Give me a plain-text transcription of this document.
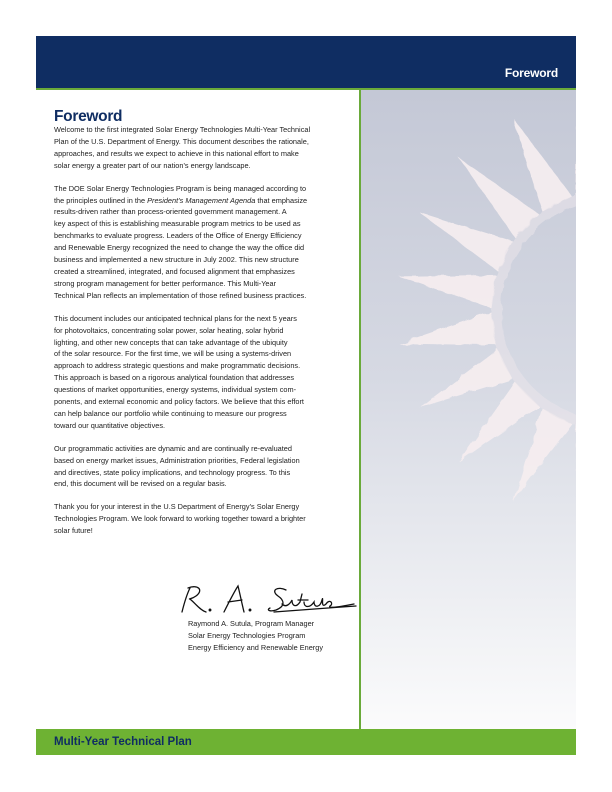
Foreword
Foreword

Welcome to the first integrated Solar Energy Technologies Multi-Year Technical
Plan of the U.S. Department of Energy. This document describes the rationale,
approaches, and results we expect to achieve in this national effort to make
solar energy a greater part of our nation’s energy landscape.

The DOE Solar Energy Technologies Program is being managed according to
the principles outlined in the President’s Management Agenda that emphasize
results-driven rather than process-oriented government management. A
key aspect of this is establishing measurable program metrics to be used as
benchmarks to evaluate progress. Leaders of the Office of Energy Efficiency
and Renewable Energy recognized the need to change the way the office did
business and implemented a new structure in July 2002. This new structure
created a streamlined, integrated, and focused alignment that emphasizes
strong program management for better performance. This Multi-Year
Technical Plan reflects an implementation of those refined business practices.

This document includes our anticipated technical plans for the next 5 years
for photovoltaics, concentrating solar power, solar heating, solar hybrid
lighting, and other new concepts that can take advantage of the ubiquity
of the solar resource. For the first time, we will be using a systems-driven
approach to address strategic questions and make programmatic decisions.
This approach is based on a rigorous analytical foundation that addresses
questions of market opportunities, energy systems, individual system com-
ponents, and external economic and policy factors. We believe that this effort
can help balance our portfolio while continuing to measure our progress
toward our quantitative objectives.

Our programmatic activities are dynamic and are continually re-evaluated
based on energy market issues, Administration priorities, Federal legislation
and directives, state policy implications, and technology progress. To this
end, this document will be revised on a regular basis.

Thank you for your interest in the U.S Department of Energy’s Solar Energy
Technologies Program. We look forward to working together toward a brighter
solar future!

Raymond A. Sutula, Program Manager
Solar Energy Technologies Program
Energy Efficiency and Renewable Energy
Multi-Year Technical Plan
